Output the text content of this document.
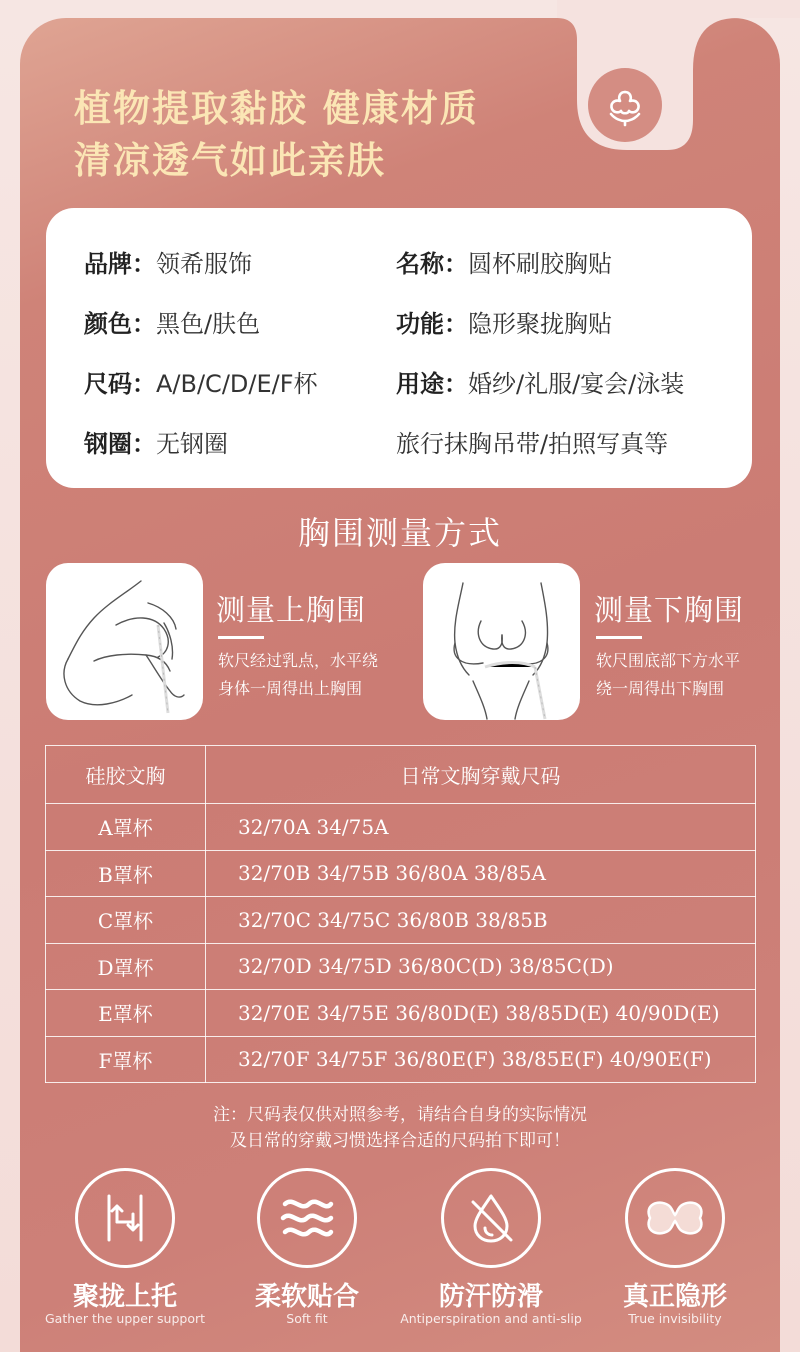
植物提取黏胶 健康材质
清凉透气如此亲肤
品牌：领希服饰	名称：圆杯刷胶胸贴
颜色：黑色/肤色	功能：隐形聚拢胸贴
尺码：A/B/C/D/E/F杯	用途：婚纱/礼服/宴会/泳装
钢圈：无钢圈	旅行抹胸吊带/拍照写真等
胸围测量方式
测量上胸围
软尺经过乳点，水平绕
身体一周得出上胸围
测量下胸围
软尺围底部下方水平
绕一周得出下胸围
硅胶文胸	日常文胸穿戴尺码
A罩杯	32/70A 34/75A
B罩杯	32/70B 34/75B 36/80A 38/85A
C罩杯	32/70C 34/75C 36/80B 38/85B
D罩杯	32/70D 34/75D 36/80C(D) 38/85C(D)
E罩杯	32/70E 34/75E 36/80D(E) 38/85D(E) 40/90D(E)
F罩杯	32/70F 34/75F 36/80E(F) 38/85E(F) 40/90E(F)
注：尺码表仅供对照参考，请结合自身的实际情况
及日常的穿戴习惯选择合适的尺码拍下即可！
聚拢上托
Gather the upper support
柔软贴合
Soft fit
防汗防滑
Antiperspiration and anti-slip
真正隐形
True invisibility
